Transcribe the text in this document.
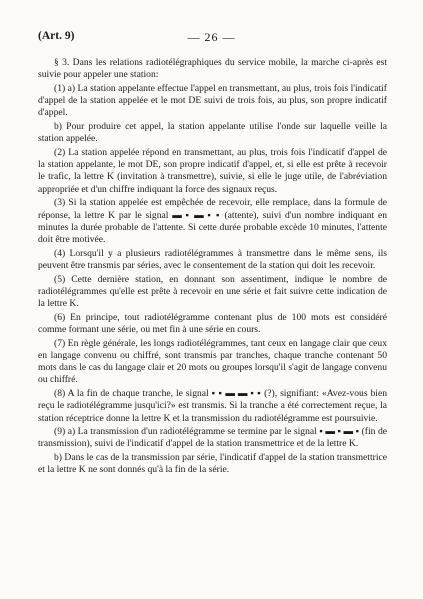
(Art. 9)	— 26 —

§ 3. Dans les relations radiotélégraphiques du service mobile, la marche ci-après est suivie pour appeler une station:

(1) a) La station appelante effectue l'appel en transmettant, au plus, trois fois l'indicatif d'appel de la station appelée et le mot DE suivi de trois fois, au plus, son propre indicatif d'appel.

b) Pour produire cet appel, la station appelante utilise l'onde sur laquelle veille la station appelée.

(2) La station appelée répond en transmettant, au plus, trois fois l'indicatif d'appel de la station appelante, le mot DE, son propre indicatif d'appel, et, si elle est prête à recevoir le trafic, la lettre K (invitation à transmettre), suivie, si elle le juge utile, de l'abréviation appropriée et d'un chiffre indiquant la force des signaux reçus.

(3) Si la station appelée est empêchée de recevoir, elle remplace, dans la formule de réponse, la lettre K par le signal ▬ ▪ ▬ ▪ ▪ (attente), suivi d'un nombre indiquant en minutes la durée probable de l'attente. Si cette durée probable excède 10 minutes, l'attente doit être motivée.

(4) Lorsqu'il y a plusieurs radiotélégrammes à transmettre dans le même sens, ils peuvent être transmis par séries, avec le consentement de la station qui doit les recevoir.

(5) Cette dernière station, en donnant son assentiment, indique le nombre de radiotélégrammes qu'elle est prête à recevoir en une série et fait suivre cette indication de la lettre K.

(6) En principe, tout radiotélégramme contenant plus de 100 mots est considéré comme formant une série, ou met fin à une série en cours.

(7) En règle générale, les longs radiotélégrammes, tant ceux en langage clair que ceux en langage convenu ou chiffré, sont transmis par tranches, chaque tranche contenant 50 mots dans le cas du langage clair et 20 mots ou groupes lorsqu'il s'agit de langage convenu ou chiffré.

(8) A la fin de chaque tranche, le signal ▪ ▪ ▬ ▬ ▪ ▪ (?), signifiant: «Avez-vous bien reçu le radiotélégramme jusqu'ici?» est transmis. Si la tranche a été correctement reçue, la station réceptrice donne la lettre K et la transmission du radiotélégramme est poursuivie.

(9) a) La transmission d'un radiotélégramme se termine par le signal ▪ ▬ ▪ ▬ ▪ (fin de transmission), suivi de l'indicatif d'appel de la station transmettrice et de la lettre K.

b) Dans le cas de la transmission par série, l'indicatif d'appel de la station transmettrice et la lettre K ne sont donnés qu'à la fin de la série.
